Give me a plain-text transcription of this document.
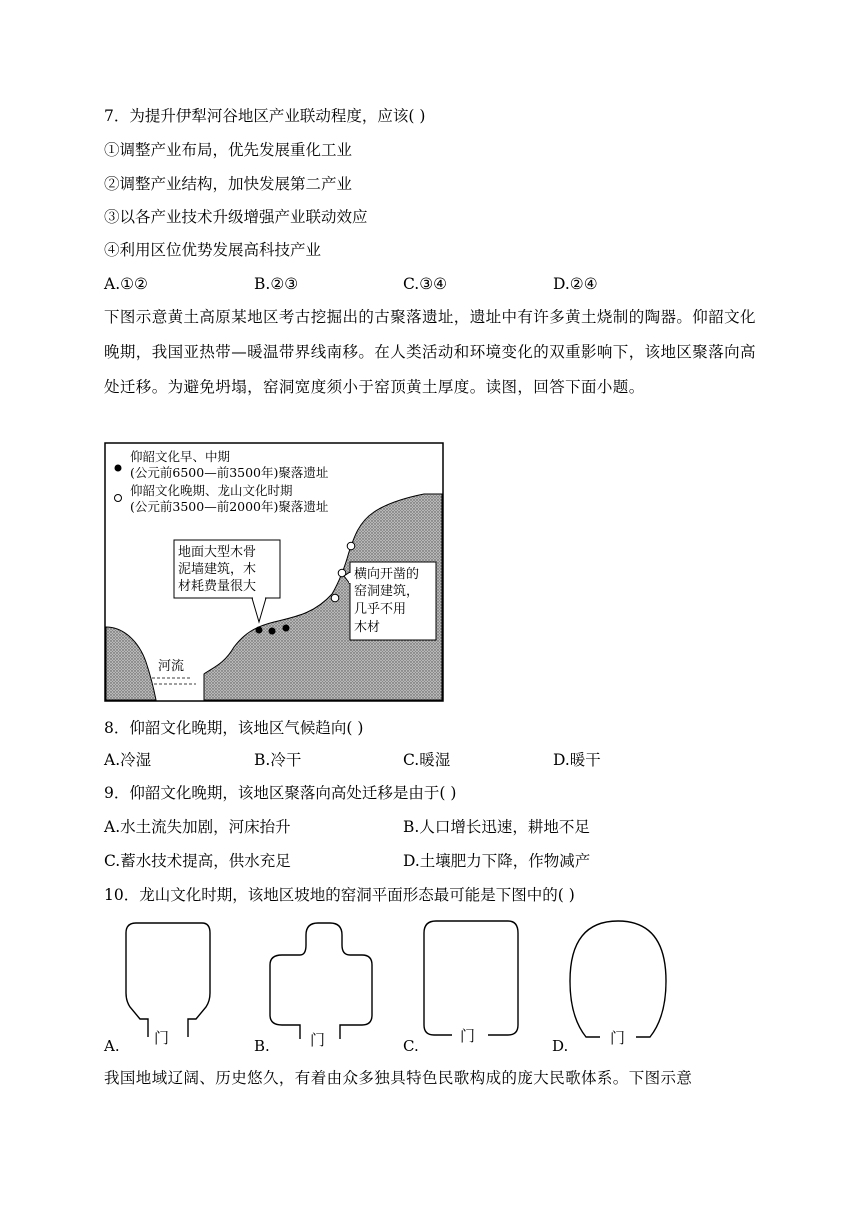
7．为提升伊犁河谷地区产业联动程度，应该( )
①调整产业布局，优先发展重化工业
②调整产业结构，加快发展第二产业
③以各产业技术升级增强产业联动效应
④利用区位优势发展高科技产业
A.①②	B.②③	C.③④	D.②④
下图示意黄土高原某地区考古挖掘出的古聚落遗址，遗址中有许多黄土烧制的陶器。仰韶文化晚期，我国亚热带—暖温带界线南移。在人类活动和环境变化的双重影响下，该地区聚落向高处迁移。为避免坍塌，窑洞宽度须小于窑顶黄土厚度。读图，回答下面小题。
河流
仰韶文化早、中期
(公元前6500—前3500年)聚落遗址
仰韶文化晚期、龙山文化时期
(公元前3500—前2000年)聚落遗址
地面大型木骨
泥墙建筑，木
材耗费量很大
横向开凿的
窑洞建筑，
几乎不用
木材
8．仰韶文化晚期，该地区气候趋向( )
A.冷湿	B.冷干	C.暖湿	D.暖干
9．仰韶文化晚期，该地区聚落向高处迁移是由于( )
A.水土流失加剧，河床抬升	B.人口增长迅速，耕地不足
C.蓄水技术提高，供水充足	D.土壤肥力下降，作物减产
10．龙山文化时期，该地区坡地的窑洞平面形态最可能是下图中的( )
门
A.	门
B.
门
C.	门
D.
我国地域辽阔、历史悠久，有着由众多独具特色民歌构成的庞大民歌体系。下图示意
